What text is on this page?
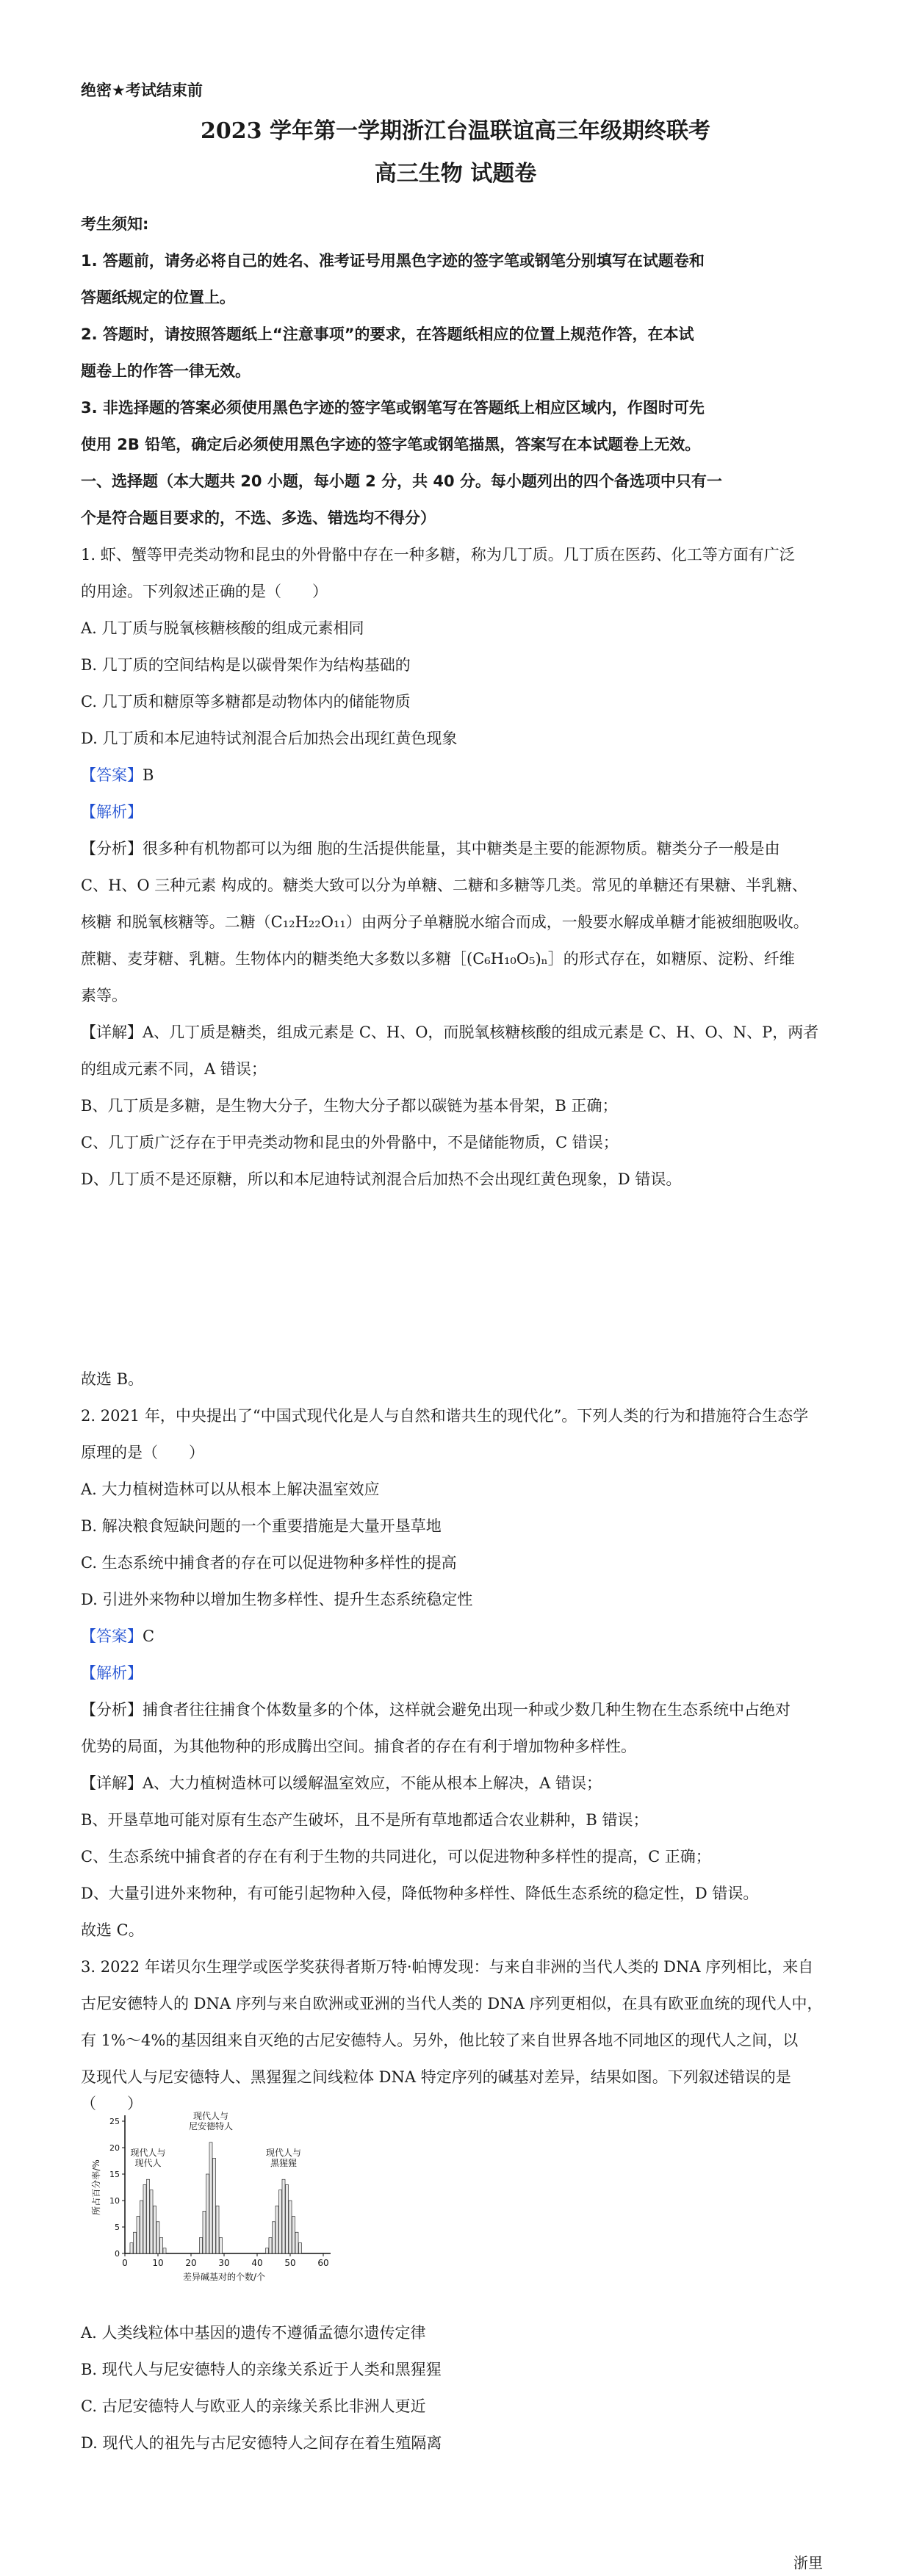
绝密★考试结束前
2023 学年第一学期浙江台温联谊高三年级期终联考
高三生物 试题卷
考生须知:
1. 答题前，请务必将自己的姓名、准考证号用黑色字迹的签字笔或钢笔分别填写在试题卷和
答题纸规定的位置上。
2. 答题时，请按照答题纸上“注意事项”的要求，在答题纸相应的位置上规范作答，在本试
题卷上的作答一律无效。
3. 非选择题的答案必须使用黑色字迹的签字笔或钢笔写在答题纸上相应区域内，作图时可先
使用 2B 铅笔，确定后必须使用黑色字迹的签字笔或钢笔描黑，答案写在本试题卷上无效。
一、选择题（本大题共 20 小题，每小题 2 分，共 40 分。每小题列出的四个备选项中只有一
个是符合题目要求的，不选、多选、错选均不得分）
1. 虾、蟹等甲壳类动物和昆虫的外骨骼中存在一种多糖，称为几丁质。几丁质在医药、化工等方面有广泛
的用途。下列叙述正确的是（　　）
A. 几丁质与脱氧核糖核酸的组成元素相同
B. 几丁质的空间结构是以碳骨架作为结构基础的
C. 几丁质和糖原等多糖都是动物体内的储能物质
D. 几丁质和本尼迪特试剂混合后加热会出现红黄色现象
【答案】B
【解析】
【分析】很多种有机物都可以为细 胞的生活提供能量，其中糖类是主要的能源物质。糖类分子一般是由
C、H、O 三种元素 构成的。糖类大致可以分为单糖、二糖和多糖等几类。常见的单糖还有果糖、半乳糖、
核糖 和脱氧核糖等。二糖（C₁₂H₂₂O₁₁）由两分子单糖脱水缩合而成，一般要水解成单糖才能被细胞吸收。
蔗糖、麦芽糖、乳糖。生物体内的糖类绝大多数以多糖［(C₆H₁₀O₅)ₙ］的形式存在，如糖原、淀粉、纤维
素等。
【详解】A、几丁质是糖类，组成元素是 C、H、O，而脱氧核糖核酸的组成元素是 C、H、O、N、P，两者
的组成元素不同，A 错误；
B、几丁质是多糖，是生物大分子，生物大分子都以碳链为基本骨架，B 正确；
C、几丁质广泛存在于甲壳类动物和昆虫的外骨骼中，不是储能物质，C 错误；
D、几丁质不是还原糖，所以和本尼迪特试剂混合后加热不会出现红黄色现象，D 错误。
故选 B。
2. 2021 年，中央提出了“中国式现代化是人与自然和谐共生的现代化”。下列人类的行为和措施符合生态学
原理的是（　　）
A. 大力植树造林可以从根本上解决温室效应
B. 解决粮食短缺问题的一个重要措施是大量开垦草地
C. 生态系统中捕食者的存在可以促进物种多样性的提高
D. 引进外来物种以增加生物多样性、提升生态系统稳定性
【答案】C
【解析】
【分析】捕食者往往捕食个体数量多的个体，这样就会避免出现一种或少数几种生物在生态系统中占绝对
优势的局面，为其他物种的形成腾出空间。捕食者的存在有利于增加物种多样性。
【详解】A、大力植树造林可以缓解温室效应，不能从根本上解决，A 错误；
B、开垦草地可能对原有生态产生破坏，且不是所有草地都适合农业耕种，B 错误；
C、生态系统中捕食者的存在有利于生物的共同进化，可以促进物种多样性的提高，C 正确；
D、大量引进外来物种，有可能引起物种入侵，降低物种多样性、降低生态系统的稳定性，D 错误。
故选 C。
3. 2022 年诺贝尔生理学或医学奖获得者斯万特·帕博发现：与来自非洲的当代人类的 DNA 序列相比，来自
古尼安德特人的 DNA 序列与来自欧洲或亚洲的当代人类的 DNA 序列更相似，在具有欧亚血统的现代人中，
有 1%～4%的基因组来自灭绝的古尼安德特人。另外，他比较了来自世界各地不同地区的现代人之间，以
及现代人与尼安德特人、黑猩猩之间线粒体 DNA 特定序列的碱基对差异，结果如图。下列叙述错误的是
（　　）
0
5
10
15
20
25
0	10 20 30 40 50 60
差异碱基对的个数/个
所占百分率/%
现代人与
现代人
现代人与
尼安德特人
现代人与
黑猩猩
A. 人类线粒体中基因的遗传不遵循孟德尔遗传定律
B. 现代人与尼安德特人的亲缘关系近于人类和黑猩猩
C. 古尼安德特人与欧亚人的亲缘关系比非洲人更近
D. 现代人的祖先与古尼安德特人之间存在着生殖隔离
浙里
